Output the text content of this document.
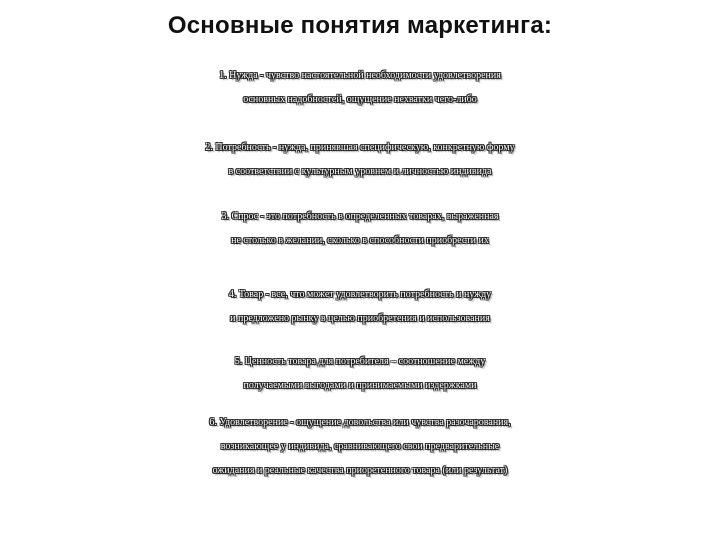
Основные понятия маркетинга:
1. Нужда - чувство настоятельной необходимости удовлетворения
основных надобностей, ощущение нехватки чего-либо
2. Потребность - нужда, принявшая специфическую, конкретную форму
в соответствии с культурным уровнем и личностью индивида
3. Спрос - это потребность в определенных товарах, выраженная
не столько в желании, сколько в способности приобрести их
4. Товар - все, что может удовлетворить потребность и нужду
и предложено рынку в целью приобретения и использования
5. Ценность товара для потребителя – соотношение между
получаемыми выгодами и принимаемыми издержками
6. Удовлетворение - ощущение довольства или чувства разочарования,
возникающее у индивида, сравнивающего свои предварительные
ожидания и реальные качества приоретенного товара (или результат)
